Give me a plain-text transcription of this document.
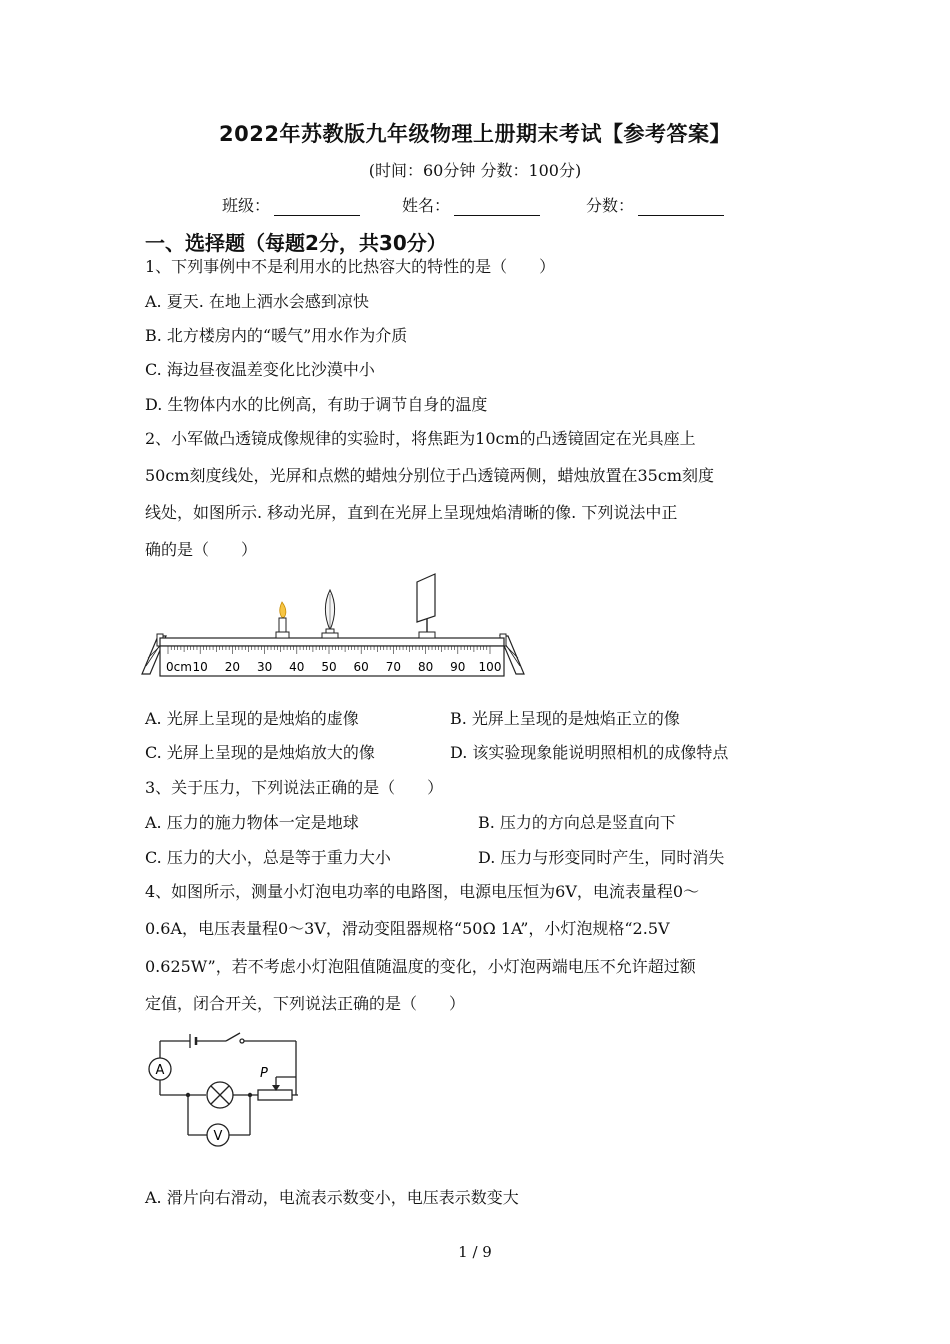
2022年苏教版九年级物理上册期末考试【参考答案】
(时间：60分钟 分数：100分)
班级：	姓名：	分数：
一、选择题（每题2分，共30分）
1、下列事例中不是利用水的比热容大的特性的是（　　）
A. 夏天. 在地上洒水会感到凉快
B. 北方楼房内的“暖气”用水作为介质
C. 海边昼夜温差变化比沙漠中小
D. 生物体内水的比例高，有助于调节自身的温度
2、小军做凸透镜成像规律的实验时，将焦距为10cm的凸透镜固定在光具座上
50cm刻度线处，光屏和点燃的蜡烛分别位于凸透镜两侧，蜡烛放置在35cm刻度
线处，如图所示. 移动光屏，直到在光屏上呈现烛焰清晰的像. 下列说法中正
确的是（　　）
0cm 10 20 30 40 50 60 70 80 90 100
A. 光屏上呈现的是烛焰的虚像	B. 光屏上呈现的是烛焰正立的像
C. 光屏上呈现的是烛焰放大的像	D. 该实验现象能说明照相机的成像特点
3、关于压力，下列说法正确的是（　　）
A. 压力的施力物体一定是地球	B. 压力的方向总是竖直向下
C. 压力的大小，总是等于重力大小	D. 压力与形变同时产生，同时消失
4、如图所示，测量小灯泡电功率的电路图，电源电压恒为6V，电流表量程0～
0.6A，电压表量程0～3V，滑动变阻器规格“50Ω 1A”，小灯泡规格“2.5V
0.625W”，若不考虑小灯泡阻值随温度的变化，小灯泡两端电压不允许超过额
定值，闭合开关，下列说法正确的是（　　）
A
V
P
A. 滑片向右滑动，电流表示数变小，电压表示数变大
1 / 9
